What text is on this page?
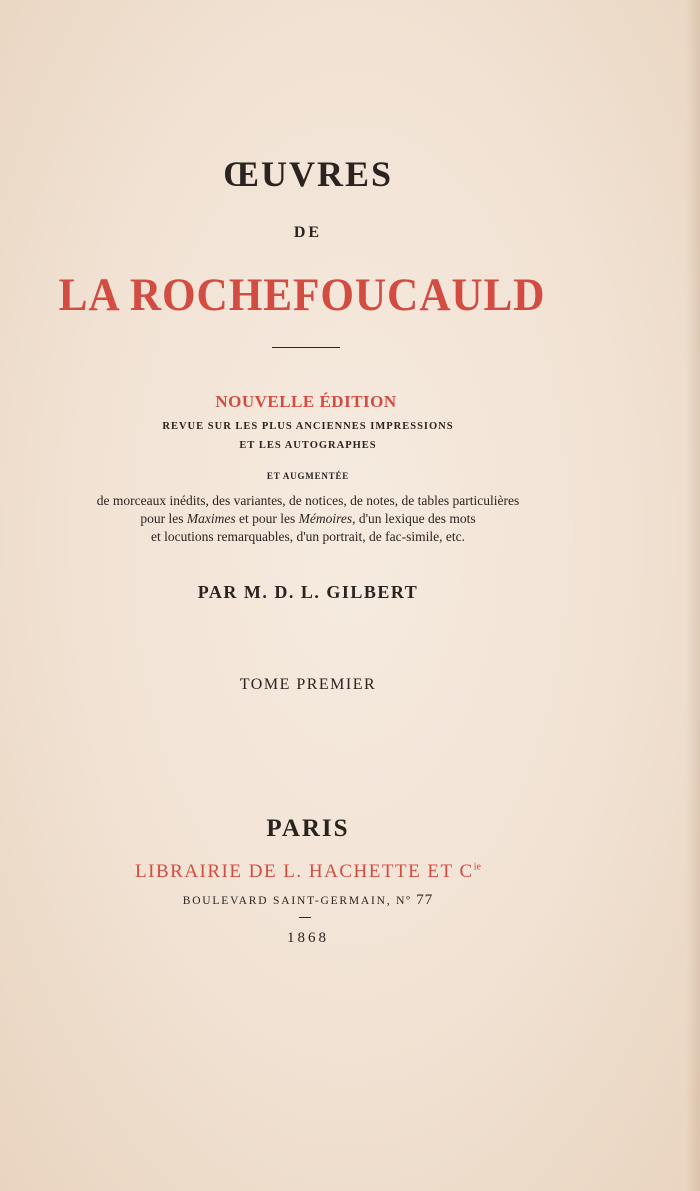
ŒUVRES

DE

LA ROCHEFOUCAULD

NOUVELLE ÉDITION

REVUE SUR LES PLUS ANCIENNES IMPRESSIONS

ET LES AUTOGRAPHES

ET AUGMENTÉE

de morceaux inédits, des variantes, de notices, de notes, de tables particulières

pour les Maximes et pour les Mémoires, d'un lexique des mots

et locutions remarquables, d'un portrait, de fac-simile, etc.

PAR M. D. L. GILBERT

TOME PREMIER

PARIS

LIBRAIRIE DE L. HACHETTE ET $C^{ie}$

BOULEVARD SAINT-GERMAIN, Nº 77

1868
